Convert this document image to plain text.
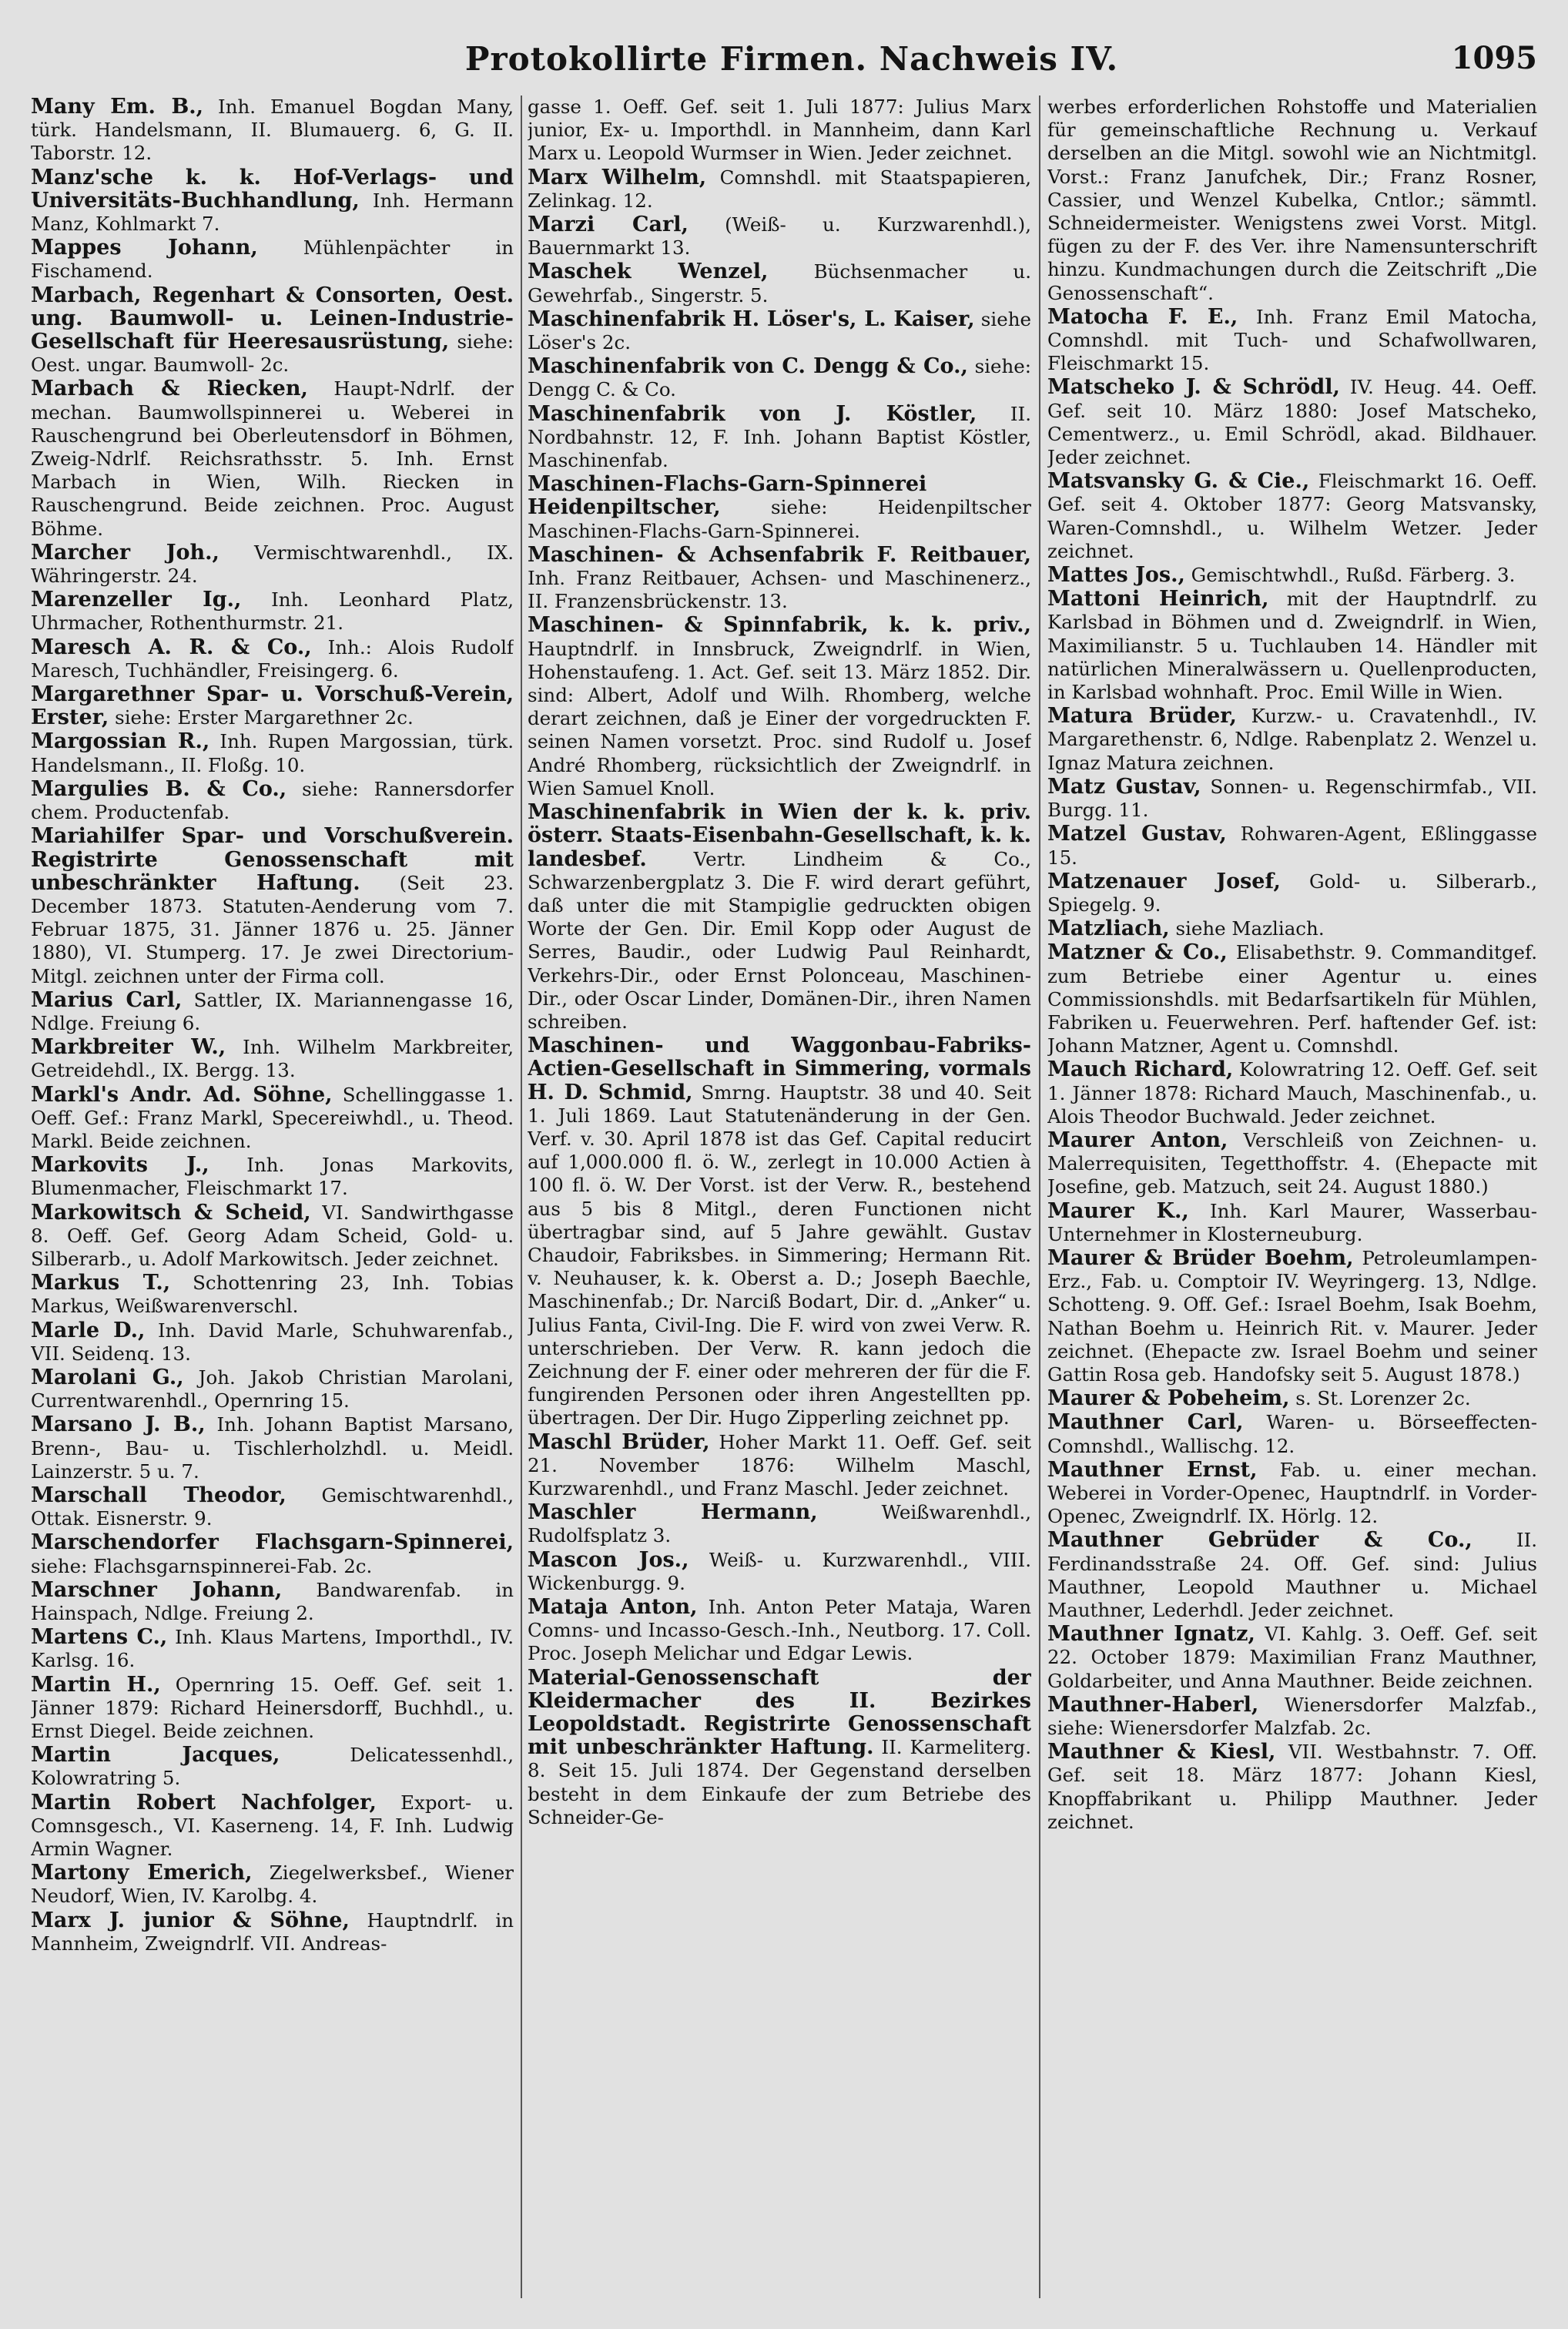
Protokollirte Firmen. Nachweis IV.	1095
Many Em. B., Inh. Emanuel Bogdan Many, türk. Handelsmann, II. Blumauerg. 6, G. II. Taborstr. 12.
Manz'sche k. k. Hof-Verlags- und Universitäts-Buchhandlung, Inh. Hermann Manz, Kohlmarkt 7.
Mappes Johann, Mühlenpächter in Fischamend.
Marbach, Regenhart & Consorten, Oest. ung. Baumwoll- u. Leinen-Industrie-Gesellschaft für Heeresausrüstung, siehe: Oest. ungar. Baumwoll- 2c.
Marbach & Riecken, Haupt-Ndrlf. der mechan. Baumwollspinnerei u. Weberei in Rauschengrund bei Oberleutensdorf in Böhmen, Zweig-Ndrlf. Reichsrathsstr. 5. Inh. Ernst Marbach in Wien, Wilh. Riecken in Rauschengrund. Beide zeichnen. Proc. August Böhme.
Marcher Joh., Vermischtwarenhdl., IX. Währingerstr. 24.
Marenzeller Ig., Inh. Leonhard Platz, Uhrmacher, Rothenthurmstr. 21.
Maresch A. R. & Co., Inh.: Alois Rudolf Maresch, Tuchhändler, Freisingerg. 6.
Margarethner Spar- u. Vorschuß-Verein, Erster, siehe: Erster Margarethner 2c.
Margossian R., Inh. Rupen Margossian, türk. Handelsmann., II. Floßg. 10.
Margulies B. & Co., siehe: Rannersdorfer chem. Productenfab.
Mariahilfer Spar- und Vorschußverein. Registrirte Genossenschaft mit unbeschränkter Haftung. (Seit 23. December 1873. Statuten-Aenderung vom 7. Februar 1875, 31. Jänner 1876 u. 25. Jänner 1880), VI. Stumperg. 17. Je zwei Directorium-Mitgl. zeichnen unter der Firma coll.
Marius Carl, Sattler, IX. Mariannengasse 16, Ndlge. Freiung 6.
Markbreiter W., Inh. Wilhelm Markbreiter, Getreidehdl., IX. Bergg. 13.
Markl's Andr. Ad. Söhne, Schellinggasse 1. Oeff. Gef.: Franz Markl, Specereiwhdl., u. Theod. Markl. Beide zeichnen.
Markovits J., Inh. Jonas Markovits, Blumenmacher, Fleischmarkt 17.
Markowitsch & Scheid, VI. Sandwirthgasse 8. Oeff. Gef. Georg Adam Scheid, Gold- u. Silberarb., u. Adolf Markowitsch. Jeder zeichnet.
Markus T., Schottenring 23, Inh. Tobias Markus, Weißwarenverschl.
Marle D., Inh. David Marle, Schuhwarenfab., VII. Seidenq. 13.
Marolani G., Joh. Jakob Christian Marolani, Currentwarenhdl., Opernring 15.
Marsano J. B., Inh. Johann Baptist Marsano, Brenn-, Bau- u. Tischlerholzhdl. u. Meidl. Lainzerstr. 5 u. 7.
Marschall Theodor, Gemischtwarenhdl., Ottak. Eisnerstr. 9.
Marschendorfer Flachsgarn-Spinnerei, siehe: Flachsgarnspinnerei-Fab. 2c.
Marschner Johann, Bandwarenfab. in Hainspach, Ndlge. Freiung 2.
Martens C., Inh. Klaus Martens, Importhdl., IV. Karlsg. 16.
Martin H., Opernring 15. Oeff. Gef. seit 1. Jänner 1879: Richard Heinersdorff, Buchhdl., u. Ernst Diegel. Beide zeichnen.
Martin Jacques, Delicatessenhdl., Kolowratring 5.
Martin Robert Nachfolger, Export- u. Comnsgesch., VI. Kaserneng. 14, F. Inh. Ludwig Armin Wagner.
Martony Emerich, Ziegelwerksbef., Wiener Neudorf, Wien, IV. Karolbg. 4.
Marx J. junior & Söhne, Hauptndrlf. in Mannheim, Zweigndrlf. VII. Andreas-
gasse 1. Oeff. Gef. seit 1. Juli 1877: Julius Marx junior, Ex- u. Importhdl. in Mannheim, dann Karl Marx u. Leopold Wurmser in Wien. Jeder zeichnet.
Marx Wilhelm, Comnshdl. mit Staatspapieren, Zelinkag. 12.
Marzi Carl, (Weiß- u. Kurzwarenhdl.), Bauernmarkt 13.
Maschek Wenzel, Büchsenmacher u. Gewehrfab., Singerstr. 5.
Maschinenfabrik H. Löser's, L. Kaiser, siehe Löser's 2c.
Maschinenfabrik von C. Dengg & Co., siehe: Dengg C. & Co.
Maschinenfabrik von J. Köstler, II. Nordbahnstr. 12, F. Inh. Johann Baptist Köstler, Maschinenfab.
Maschinen-Flachs-Garn-Spinnerei Heidenpiltscher, siehe: Heidenpiltscher Maschinen-Flachs-Garn-Spinnerei.
Maschinen- & Achsenfabrik F. Reitbauer, Inh. Franz Reitbauer, Achsen- und Maschinenerz., II. Franzensbrückenstr. 13.
Maschinen- & Spinnfabrik, k. k. priv., Hauptndrlf. in Innsbruck, Zweigndrlf. in Wien, Hohenstaufeng. 1. Act. Gef. seit 13. März 1852. Dir. sind: Albert, Adolf und Wilh. Rhomberg, welche derart zeichnen, daß je Einer der vorgedruckten F. seinen Namen vorsetzt. Proc. sind Rudolf u. Josef André Rhomberg, rücksichtlich der Zweigndrlf. in Wien Samuel Knoll.
Maschinenfabrik in Wien der k. k. priv. österr. Staats-Eisenbahn-Gesellschaft, k. k. landesbef. Vertr. Lindheim & Co., Schwarzenbergplatz 3. Die F. wird derart geführt, daß unter die mit Stampiglie gedruckten obigen Worte der Gen. Dir. Emil Kopp oder August de Serres, Baudir., oder Ludwig Paul Reinhardt, Verkehrs-Dir., oder Ernst Polonceau, Maschinen-Dir., oder Oscar Linder, Domänen-Dir., ihren Namen schreiben.
Maschinen- und Waggonbau-Fabriks-Actien-Gesellschaft in Simmering, vormals H. D. Schmid, Smrng. Hauptstr. 38 und 40. Seit 1. Juli 1869. Laut Statutenänderung in der Gen. Verf. v. 30. April 1878 ist das Gef. Capital reducirt auf 1,000.000 fl. ö. W., zerlegt in 10.000 Actien à 100 fl. ö. W. Der Vorst. ist der Verw. R., bestehend aus 5 bis 8 Mitgl., deren Functionen nicht übertragbar sind, auf 5 Jahre gewählt. Gustav Chaudoir, Fabriksbes. in Simmering; Hermann Rit. v. Neuhauser, k. k. Oberst a. D.; Joseph Baechle, Maschinenfab.; Dr. Narciß Bodart, Dir. d. „Anker“ u. Julius Fanta, Civil-Ing. Die F. wird von zwei Verw. R. unterschrieben. Der Verw. R. kann jedoch die Zeichnung der F. einer oder mehreren der für die F. fungirenden Personen oder ihren Angestellten pp. übertragen. Der Dir. Hugo Zipperling zeichnet pp.
Maschl Brüder, Hoher Markt 11. Oeff. Gef. seit 21. November 1876: Wilhelm Maschl, Kurzwarenhdl., und Franz Maschl. Jeder zeichnet.
Maschler Hermann, Weißwarenhdl., Rudolfsplatz 3.
Mascon Jos., Weiß- u. Kurzwarenhdl., VIII. Wickenburgg. 9.
Mataja Anton, Inh. Anton Peter Mataja, Waren Comns- und Incasso-Gesch.-Inh., Neutborg. 17. Coll. Proc. Joseph Melichar und Edgar Lewis.
Material-Genossenschaft der Kleidermacher des II. Bezirkes Leopoldstadt. Registrirte Genossenschaft mit unbeschränkter Haftung. II. Karmeliterg. 8. Seit 15. Juli 1874. Der Gegenstand derselben besteht in dem Einkaufe der zum Betriebe des Schneider-Ge-
werbes erforderlichen Rohstoffe und Materialien für gemeinschaftliche Rechnung u. Verkauf derselben an die Mitgl. sowohl wie an Nichtmitgl. Vorst.: Franz Janufchek, Dir.; Franz Rosner, Cassier, und Wenzel Kubelka, Cntlor.; sämmtl. Schneidermeister. Wenigstens zwei Vorst. Mitgl. fügen zu der F. des Ver. ihre Namensunterschrift hinzu. Kundmachungen durch die Zeitschrift „Die Genossenschaft“.
Matocha F. E., Inh. Franz Emil Matocha, Comnshdl. mit Tuch- und Schafwollwaren, Fleischmarkt 15.
Matscheko J. & Schrödl, IV. Heug. 44. Oeff. Gef. seit 10. März 1880: Josef Matscheko, Cementwerz., u. Emil Schrödl, akad. Bildhauer. Jeder zeichnet.
Matsvansky G. & Cie., Fleischmarkt 16. Oeff. Gef. seit 4. Oktober 1877: Georg Matsvansky, Waren-Comnshdl., u. Wilhelm Wetzer. Jeder zeichnet.
Mattes Jos., Gemischtwhdl., Rußd. Färberg. 3.
Mattoni Heinrich, mit der Hauptndrlf. zu Karlsbad in Böhmen und d. Zweigndrlf. in Wien, Maximilianstr. 5 u. Tuchlauben 14. Händler mit natürlichen Mineralwässern u. Quellenproducten, in Karlsbad wohnhaft. Proc. Emil Wille in Wien.
Matura Brüder, Kurzw.- u. Cravatenhdl., IV. Margarethenstr. 6, Ndlge. Rabenplatz 2. Wenzel u. Ignaz Matura zeichnen.
Matz Gustav, Sonnen- u. Regenschirmfab., VII. Burgg. 11.
Matzel Gustav, Rohwaren-Agent, Eßlinggasse 15.
Matzenauer Josef, Gold- u. Silberarb., Spiegelg. 9.
Matzliach, siehe Mazliach.
Matzner & Co., Elisabethstr. 9. Commanditgef. zum Betriebe einer Agentur u. eines Commissionshdls. mit Bedarfsartikeln für Mühlen, Fabriken u. Feuerwehren. Perf. haftender Gef. ist: Johann Matzner, Agent u. Comnshdl.
Mauch Richard, Kolowratring 12. Oeff. Gef. seit 1. Jänner 1878: Richard Mauch, Maschinenfab., u. Alois Theodor Buchwald. Jeder zeichnet.
Maurer Anton, Verschleiß von Zeichnen- u. Malerrequisiten, Tegetthoffstr. 4. (Ehepacte mit Josefine, geb. Matzuch, seit 24. August 1880.)
Maurer K., Inh. Karl Maurer, Wasserbau-Unternehmer in Klosterneuburg.
Maurer & Brüder Boehm, Petroleumlampen-Erz., Fab. u. Comptoir IV. Weyringerg. 13, Ndlge. Schotteng. 9. Off. Gef.: Israel Boehm, Isak Boehm, Nathan Boehm u. Heinrich Rit. v. Maurer. Jeder zeichnet. (Ehepacte zw. Israel Boehm und seiner Gattin Rosa geb. Handofsky seit 5. August 1878.)
Maurer & Pobeheim, s. St. Lorenzer 2c.
Mauthner Carl, Waren- u. Börseeffecten-Comnshdl., Wallischg. 12.
Mauthner Ernst, Fab. u. einer mechan. Weberei in Vorder-Openec, Hauptndrlf. in Vorder-Openec, Zweigndrlf. IX. Hörlg. 12.
Mauthner Gebrüder & Co., II. Ferdinandsstraße 24. Off. Gef. sind: Julius Mauthner, Leopold Mauthner u. Michael Mauthner, Lederhdl. Jeder zeichnet.
Mauthner Ignatz, VI. Kahlg. 3. Oeff. Gef. seit 22. October 1879: Maximilian Franz Mauthner, Goldarbeiter, und Anna Mauthner. Beide zeichnen.
Mauthner-Haberl, Wienersdorfer Malzfab., siehe: Wienersdorfer Malzfab. 2c.
Mauthner & Kiesl, VII. Westbahnstr. 7. Off. Gef. seit 18. März 1877: Johann Kiesl, Knopffabrikant u. Philipp Mauthner. Jeder zeichnet.
